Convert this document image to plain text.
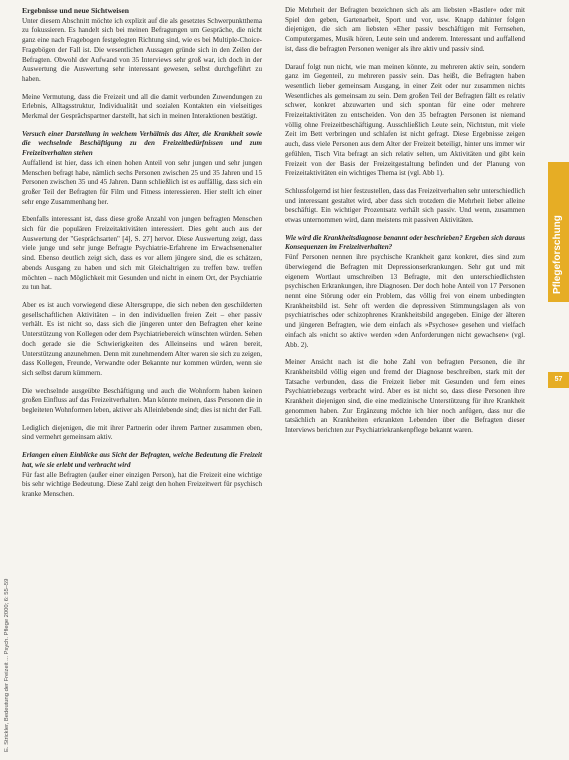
Ergebnisse und neue Sichtweisen

Unter diesem Abschnitt möchte ich explizit auf die als gesetztes Schwerpunktthema zu fokussieren. Es handelt sich bei meinen Befragungen um Gespräche, die nicht ganz eine nach Fragebogen festgelegten Richtung sind, wie es bei Multiple-Choice-Fragebögen der Fall ist. Die wesentlichen Aussagen gründe sich in den Zeilen der Befragten. Obwohl der Aufwand von 35 Interviews sehr groß war, ich doch in der Auswertung die Auswertung sehr interessant gewesen, selbst durchgeführt zu haben.

Meine Vermutung, dass die Freizeit und all die damit verbunden Zuwendungen zu Erlebnis, Alltagsstruktur, Individualität und sozialen Kontakten ein vielseitiges Merkmal der Gesprächspartner darstellt, hat sich in meinen Interaktionen bestätigt.

Versuch einer Darstellung in welchem Verhältnis das Alter, die Krankheit sowie die wechselnde Beschäftigung zu den Freizeitbedürfnissen und zum Freizeitverhalten stehen

Auffallend ist hier, dass ich einen hohen Anteil von sehr jungen und sehr jungen Menschen befragt habe, nämlich sechs Personen zwischen 25 und 35 Jahren und 15 Personen zwischen 35 und 45 Jahren. Dann schließlich ist es auffällig, dass sich ein großer Teil der Befragten für Film und Fitness interessieren. Hier stellt ich einer sehr enge Zusammenhang her.

Ebenfalls interessant ist, dass diese große Anzahl von jungen befragten Menschen sich für die populären Freizeitaktivitäten interessiert. Dies geht auch aus der Auswertung der "Gesprächsarten" [4], S. 27] hervor. Diese Auswertung zeigt, dass viele junge und sehr junge Befragte Psychiatrie-Erfahrene im Erwachsenenalter sind. Ebenso deutlich zeigt sich, dass es vor allem jüngere sind, die es schätzen, abends Ausgang zu haben und sich mit Gleichaltrigen zu treffen bzw. treffen möchten – nach Möglichkeit mit Gesunden und nicht in einem Ort, der Psychiatrie zu tun hat.

Aber es ist auch vorwiegend diese Altersgruppe, die sich neben den geschilderten gesellschaftlichen Aktivitäten – in den individuellen freien Zeit – eher passiv verhält. Es ist nicht so, dass sich die jüngeren unter den Befragten eher keine Unterstützung von Kollegen oder dem Psychiatriebereich wünschten würden. Sehen doch gerade sie die Schwierigkeiten des Alleinseins und wären bereit, Unterstützung anzunehmen. Denn mit zunehmendem Alter waren sie sich zu zeigen, dass Kollegen, Freunde, Verwandte oder Bekannte nur kommen würden, wenn sie sich selbst darum kümmern.

Die wechselnde ausgeübte Beschäftigung und auch die Wohnform haben keinen großen Einfluss auf das Freizeitverhalten. Man könnte meinen, dass Personen die in begleiteten Wohnformen leben, aktiver als Alleinlebende sind; dies ist nicht der Fall.

Lediglich diejenigen, die mit ihrer Partnerin oder ihrem Partner zusammen eben, sind vermehrt gemeinsam aktiv.

Erlangen einen Einblicke aus Sicht der Befragten, welche Bedeutung die Freizeit hat, wie sie erlebt und verbracht wird

Für fast alle Befragten (außer einer einzigen Person), hat die Freizeit eine wichtige bis sehr wichtige Bedeutung. Diese Zahl zeigt den hohen Freizeitwert für psychisch kranke Menschen.

Die Mehrheit der Befragten bezeichnen sich als am liebsten »Bastler« oder mit Spiel den geben, Gartenarbeit, Sport und vor, usw. Knapp dahinter folgen diejenigen, die sich am liebsten »Eher passiv beschäftigen mit Fernsehen, Computergames, Musik hören, Leute sein und anderem. Interessant und auffallend ist, dass die befragten Personen weniger als ihre aktiv und passiv sind.

Darauf folgt nun nicht, wie man meinen könnte, zu mehreren aktiv sein, sondern ganz im Gegenteil, zu mehreren passiv sein. Das heißt, die Befragten haben wesentlich lieber gemeinsam Ausgang, in einer Zeit oder nur zusammen nichts Wesentliches als gemeinsam zu sein. Dem großen Teil der Befragten fällt es relativ schwer, konkret abzuwarten und sich spontan für eine oder mehrere Freizeitaktivitäten zu entscheiden. Von den 35 befragten Personen ist niemand völlig ohne Freizeitbeschäftigung. Ausschließlich Leute sein, Nichtstun, mit viele Zeit im Bett verbringen und schlafen ist nicht gefragt. Diese Ergebnisse zeigen auch, dass viele Personen aus dem Alter der Freizeit beteiligt, hinter uns immer wir gefühlen, Tisch Vita befragt an sich relativ selten, um Aktivitäten und gibt kein Freizeit von der Basis der Freizeitgestaltung befinden und der Planung von Freizeitaktivitäten ein wichtiges Thema ist (vgl. Abb 1).

Schlussfolgernd ist hier festzustellen, dass das Freizeitverhalten sehr unterschiedlich und interessant gestaltet wird, aber dass sich trotzdem die Mehrheit lieber alleine beschäftigt. Ein wichtiger Prozentsatz verhält sich passiv. Und wenn, zusammen etwas unternommen wird, dann meistens mit passiven Aktivitäten.

Wie wird die Krankheitsdiagnose benannt oder beschrieben? Ergeben sich daraus Konsequenzen im Freizeitverhalten?

Fünf Personen nennen ihre psychische Krankheit ganz konkret, dies sind zum überwiegend die Befragten mit Depressionserkrankungen. Sehr gut und mit eigenem Wortlaut umschreiben 13 Befragte, mit den unterschiedlichsten psychischen Erkrankungen, ihre Diagnosen. Der doch hohe Anteil von 17 Personen nennt eine Störung oder ein Problem, das völlig frei von einem unbedingten Krankheitsbild ist. Sehr oft werden die depressiven Stimmungslagen als von psychiatrisches oder schizophrenes Krankheitsbild angegeben. Einige der älteren und jüngeren Befragten, wie dem einfach als »Psychose« gesehen und vielfach einfach als »nicht so aktiv« werden »den Anforderungen nicht gewachsen« (vgl. Abb. 2).

Meiner Ansicht nach ist die hohe Zahl von befragten Personen, die ihr Krankheitsbild völlig eigen und fremd der Diagnose beschreiben, stark mit der Tatsache verbunden, dass die Freizeit lieber mit Gesunden und fern eines Psychiatriebezugs verbracht wird. Aber es ist nicht so, dass diese Personen ihre Krankheit diejenigen sind, die eine medizinische Unterstützung für ihre Krankheit genommen haben. Zur Ergänzung möchte ich hier noch anfügen, dass nur die tatsächlich an Krankheiten erkrankten Lebenden über die Befragten dieser Interviews berichten zur Psychiatriekrankenpflege bekannt waren.

Pflegeforschung
57
E. Strickler, Bedeutung der Freizeit ... Psych. Pflege 2000; 6: 55–59
